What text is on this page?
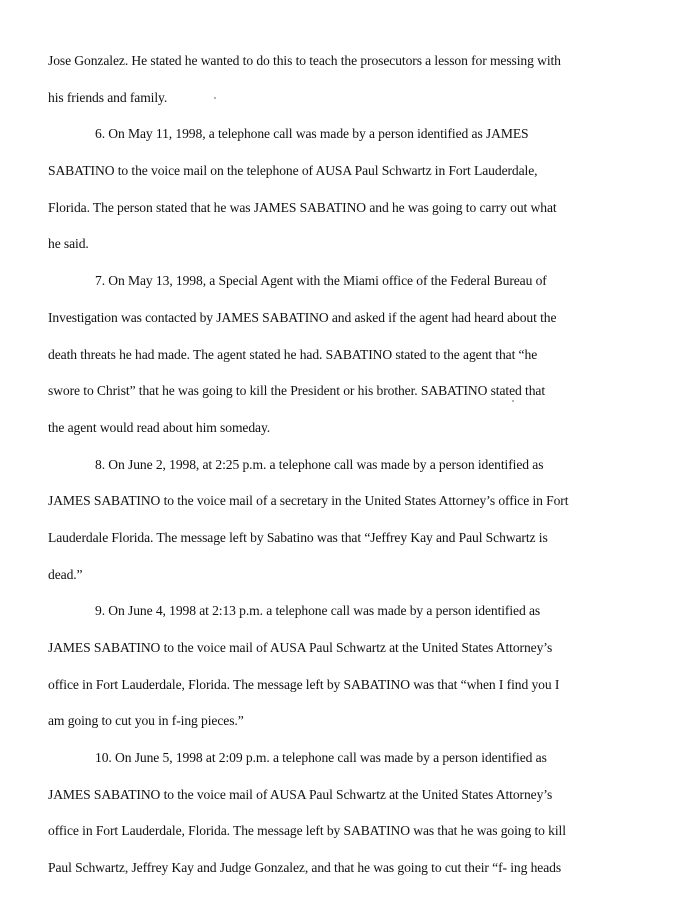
Jose Gonzalez. He stated he wanted to do this to teach the prosecutors a lesson for messing with
his friends and family.
6. On May 11, 1998, a telephone call was made by a person identified as JAMES
SABATINO to the voice mail on the telephone of AUSA Paul Schwartz in Fort Lauderdale,
Florida. The person stated that he was JAMES SABATINO and he was going to carry out what
he said.
7. On May 13, 1998, a Special Agent with the Miami office of the Federal Bureau of
Investigation was contacted by JAMES SABATINO and asked if the agent had heard about the
death threats he had made. The agent stated he had. SABATINO stated to the agent that “he
swore to Christ” that he was going to kill the President or his brother. SABATINO stated that
the agent would read about him someday.
8. On June 2, 1998, at 2:25 p.m. a telephone call was made by a person identified as
JAMES SABATINO to the voice mail of a secretary in the United States Attorney’s office in Fort
Lauderdale Florida. The message left by Sabatino was that “Jeffrey Kay and Paul Schwartz is
dead.”
9. On June 4, 1998 at 2:13 p.m. a telephone call was made by a person identified as
JAMES SABATINO to the voice mail of AUSA Paul Schwartz at the United States Attorney’s
office in Fort Lauderdale, Florida. The message left by SABATINO was that “when I find you I
am going to cut you in f-ing pieces.”
10. On June 5, 1998 at 2:09 p.m. a telephone call was made by a person identified as
JAMES SABATINO to the voice mail of AUSA Paul Schwartz at the United States Attorney’s
office in Fort Lauderdale, Florida. The message left by SABATINO was that he was going to kill
Paul Schwartz, Jeffrey Kay and Judge Gonzalez, and that he was going to cut their “f- ing heads
